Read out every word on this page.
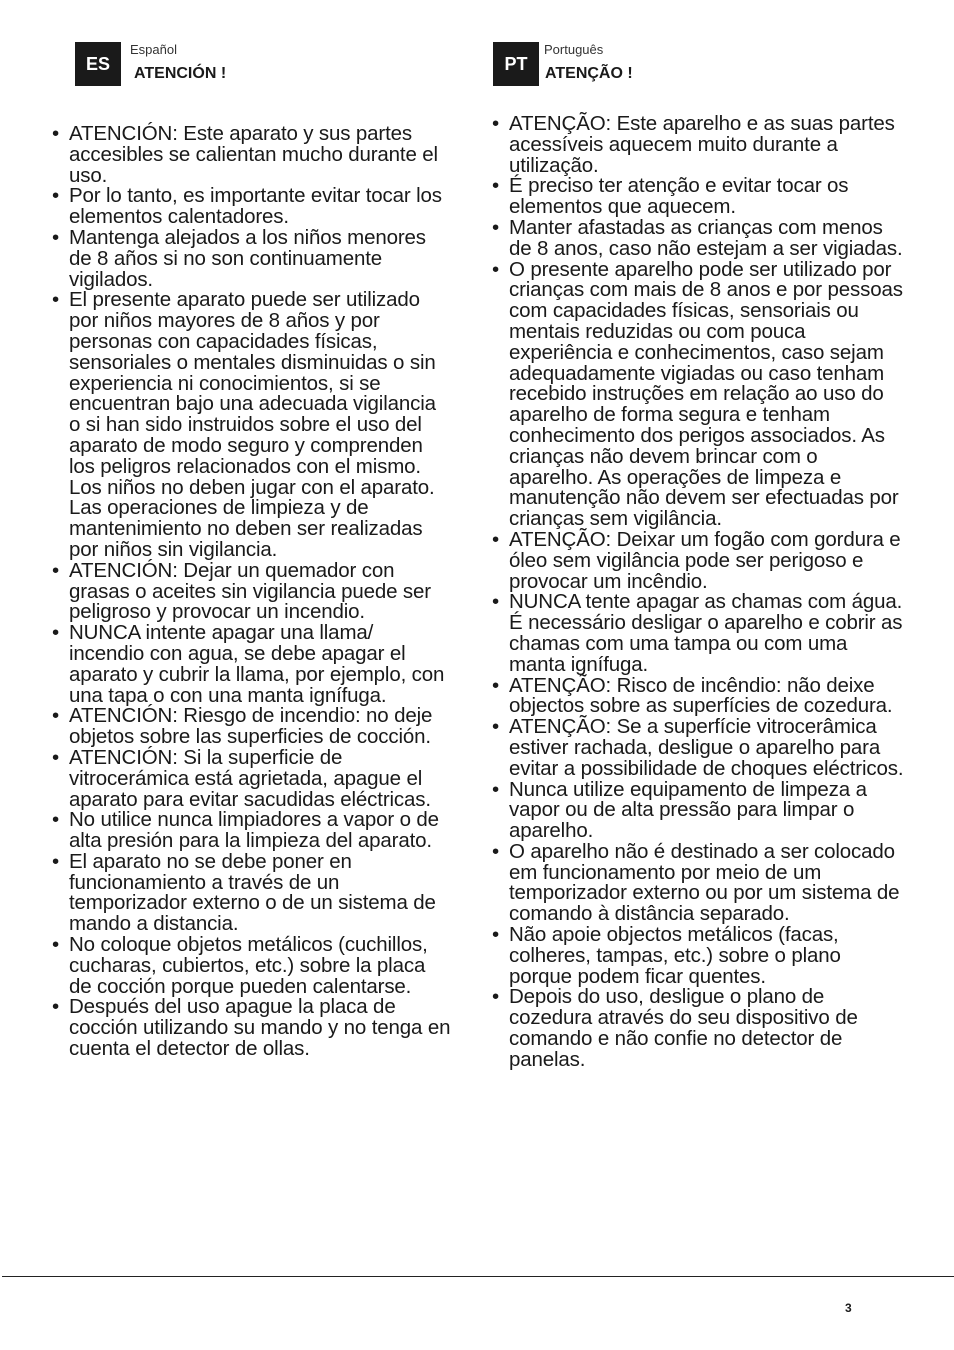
ES
Español
ATENCIÓN !
• ATENCIÓN: Este aparato y sus partes accesibles se calientan mucho durante el uso.
• Por lo tanto, es importante evitar tocar los elementos calentadores.
• Mantenga alejados a los niños menores de 8 años si no son continuamente vigilados.
• El presente aparato puede ser utilizado por niños mayores de 8 años y por personas con capacidades físicas, sensoriales o mentales disminuidas o sin experiencia ni conocimientos, si se encuentran bajo una adecuada vigilancia o si han sido instruidos sobre el uso del aparato de modo seguro y comprenden los peligros relacionados con el mismo. Los niños no deben jugar con el aparato. Las operaciones de limpieza y de mantenimiento no deben ser realizadas por niños sin vigilancia.
• ATENCIÓN: Dejar un quemador con grasas o aceites sin vigilancia puede ser peligroso y provocar un incendio.
• NUNCA intente apagar una llama/ incendio con agua, se debe apagar el aparato y cubrir la llama, por ejemplo, con una tapa o con una manta ignífuga.
• ATENCIÓN: Riesgo de incendio: no deje objetos sobre las superficies de cocción.
• ATENCIÓN: Si la superficie de vitrocerámica está agrietada, apague el aparato para evitar sacudidas eléctricas.
• No utilice nunca limpiadores a vapor o de alta presión para la limpieza del aparato.
• El aparato no se debe poner en funcionamiento a través de un temporizador externo o de un sistema de mando a distancia.
• No coloque objetos metálicos (cuchillos, cucharas, cubiertos, etc.) sobre la placa de cocción porque pueden calentarse.
• Después del uso apague la placa de cocción utilizando su mando y no tenga en cuenta el detector de ollas.
PT
Português
ATENÇÃO !
• ATENÇÃO: Este aparelho e as suas partes acessíveis aquecem muito durante a utilização.
• É preciso ter atenção e evitar tocar os elementos que aquecem.
• Manter afastadas as crianças com menos de 8 anos, caso não estejam a ser vigiadas.
• O presente aparelho pode ser utilizado por crianças com mais de 8 anos e por pessoas com capacidades físicas, sensoriais ou mentais reduzidas ou com pouca experiência e conhecimentos, caso sejam adequadamente vigiadas ou caso tenham recebido instruções em relação ao uso do aparelho de forma segura e tenham conhecimento dos perigos associados. As crianças não devem brincar com o aparelho. As operações de limpeza e manutenção não devem ser efectuadas por crianças sem vigilância.
• ATENÇÃO: Deixar um fogão com gordura e óleo sem vigilância pode ser perigoso e provocar um incêndio.
• NUNCA tente apagar as chamas com água. É necessário desligar o aparelho e cobrir as chamas com uma tampa ou com uma manta ignífuga.
• ATENÇÃO: Risco de incêndio: não deixe objectos sobre as superfícies de cozedura.
• ATENÇÃO: Se a superfície vitrocerâmica estiver rachada, desligue o aparelho para evitar a possibilidade de choques eléctricos.
• Nunca utilize equipamento de limpeza a vapor ou de alta pressão para limpar o aparelho.
• O aparelho não é destinado a ser colocado em funcionamento por meio de um temporizador externo ou por um sistema de comando à distância separado.
• Não apoie objectos metálicos (facas, colheres, tampas, etc.) sobre o plano porque podem ficar quentes.
• Depois do uso, desligue o plano de cozedura através do seu dispositivo de comando e não confie no detector de panelas.
3
